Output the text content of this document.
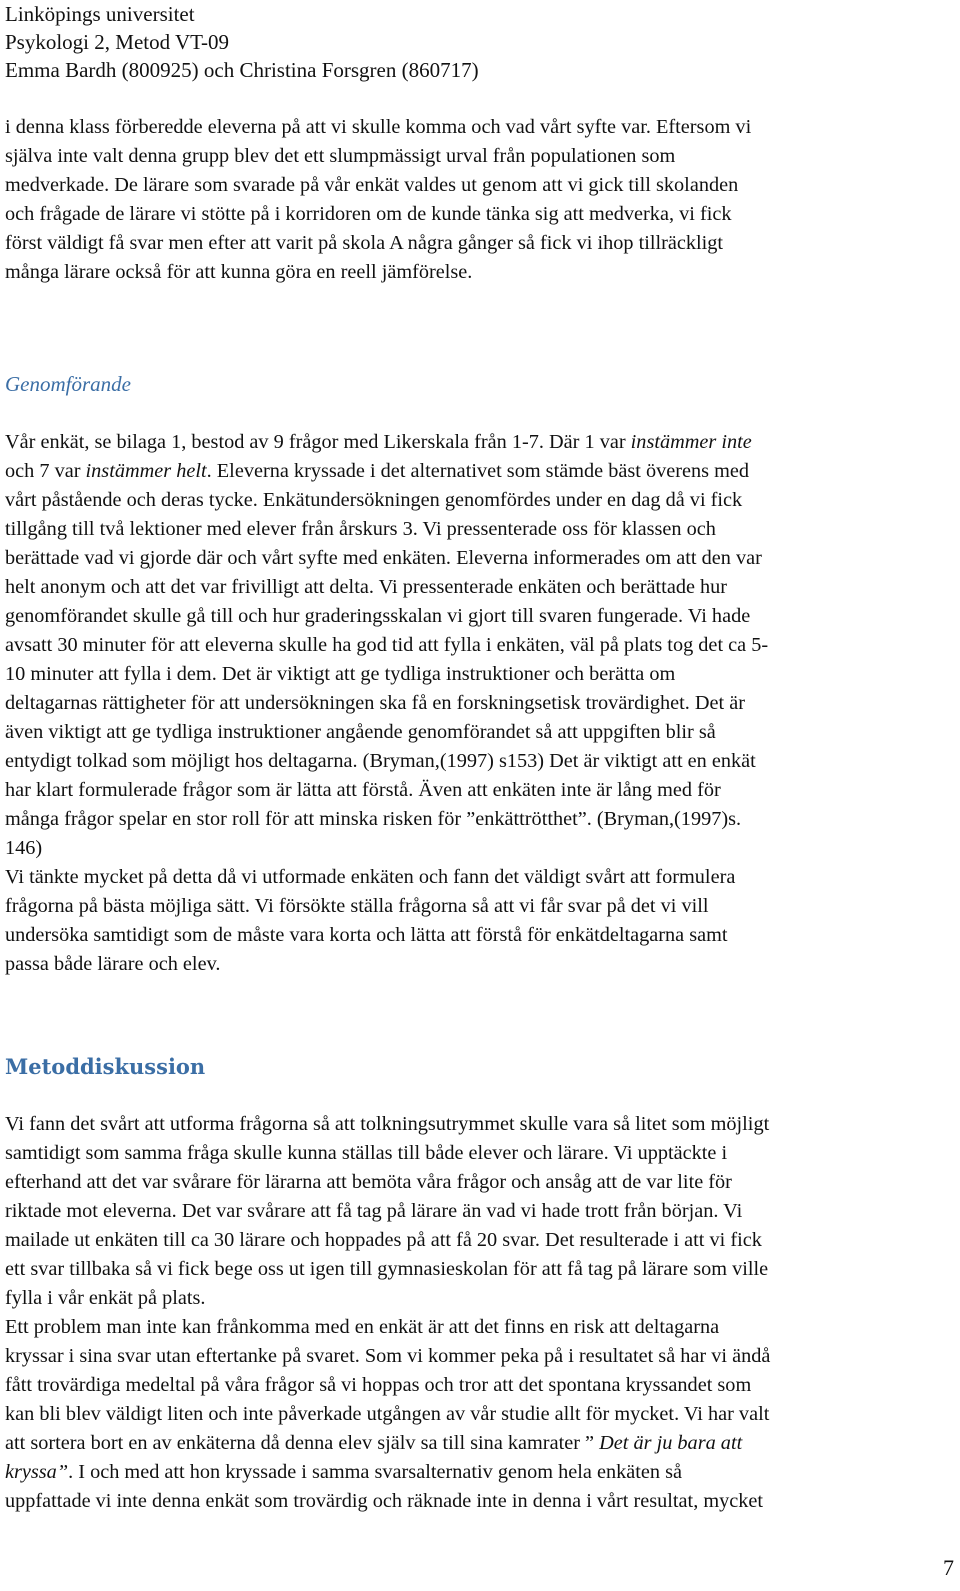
Linköpings universitet
Psykologi 2, Metod VT-09
Emma Bardh (800925) och Christina Forsgren (860717)
i denna klass förberedde eleverna på att vi skulle komma och vad vårt syfte var. Eftersom vi
själva inte valt denna grupp blev det ett slumpmässigt urval från populationen som
medverkade. De lärare som svarade på vår enkät valdes ut genom att vi gick till skolanden
och frågade de lärare vi stötte på i korridoren om de kunde tänka sig att medverka, vi fick
först väldigt få svar men efter att varit på skola A några gånger så fick vi ihop tillräckligt
många lärare också för att kunna göra en reell jämförelse.
Genomförande
Vår enkät, se bilaga 1, bestod av 9 frågor med Likerskala från 1-7. Där 1 var instämmer inte
och 7 var instämmer helt. Eleverna kryssade i det alternativet som stämde bäst överens med
vårt påstående och deras tycke. Enkätundersökningen genomfördes under en dag då vi fick
tillgång till två lektioner med elever från årskurs 3. Vi pressenterade oss för klassen och
berättade vad vi gjorde där och vårt syfte med enkäten. Eleverna informerades om att den var
helt anonym och att det var frivilligt att delta. Vi pressenterade enkäten och berättade hur
genomförandet skulle gå till och hur graderingsskalan vi gjort till svaren fungerade. Vi hade
avsatt 30 minuter för att eleverna skulle ha god tid att fylla i enkäten, väl på plats tog det ca 5-
10 minuter att fylla i dem. Det är viktigt att ge tydliga instruktioner och berätta om
deltagarnas rättigheter för att undersökningen ska få en forskningsetisk trovärdighet. Det är
även viktigt att ge tydliga instruktioner angående genomförandet så att uppgiften blir så
entydigt tolkad som möjligt hos deltagarna. (Bryman,(1997) s153) Det är viktigt att en enkät
har klart formulerade frågor som är lätta att förstå. Även att enkäten inte är lång med för
många frågor spelar en stor roll för att minska risken för ”enkättrötthet”. (Bryman,(1997)s.
146)
Vi tänkte mycket på detta då vi utformade enkäten och fann det väldigt svårt att formulera
frågorna på bästa möjliga sätt. Vi försökte ställa frågorna så att vi får svar på det vi vill
undersöka samtidigt som de måste vara korta och lätta att förstå för enkätdeltagarna samt
passa både lärare och elev.
Metoddiskussion
Vi fann det svårt att utforma frågorna så att tolkningsutrymmet skulle vara så litet som möjligt
samtidigt som samma fråga skulle kunna ställas till både elever och lärare. Vi upptäckte i
efterhand att det var svårare för lärarna att bemöta våra frågor och ansåg att de var lite för
riktade mot eleverna. Det var svårare att få tag på lärare än vad vi hade trott från början. Vi
mailade ut enkäten till ca 30 lärare och hoppades på att få 20 svar. Det resulterade i att vi fick
ett svar tillbaka så vi fick bege oss ut igen till gymnasieskolan för att få tag på lärare som ville
fylla i vår enkät på plats.
Ett problem man inte kan frånkomma med en enkät är att det finns en risk att deltagarna
kryssar i sina svar utan eftertanke på svaret. Som vi kommer peka på i resultatet så har vi ändå
fått trovärdiga medeltal på våra frågor så vi hoppas och tror att det spontana kryssandet som
kan bli blev väldigt liten och inte påverkade utgången av vår studie allt för mycket. Vi har valt
att sortera bort en av enkäterna då denna elev själv sa till sina kamrater ” Det är ju bara att
kryssa”. I och med att hon kryssade i samma svarsalternativ genom hela enkäten så
uppfattade vi inte denna enkät som trovärdig och räknade inte in denna i vårt resultat, mycket
7
